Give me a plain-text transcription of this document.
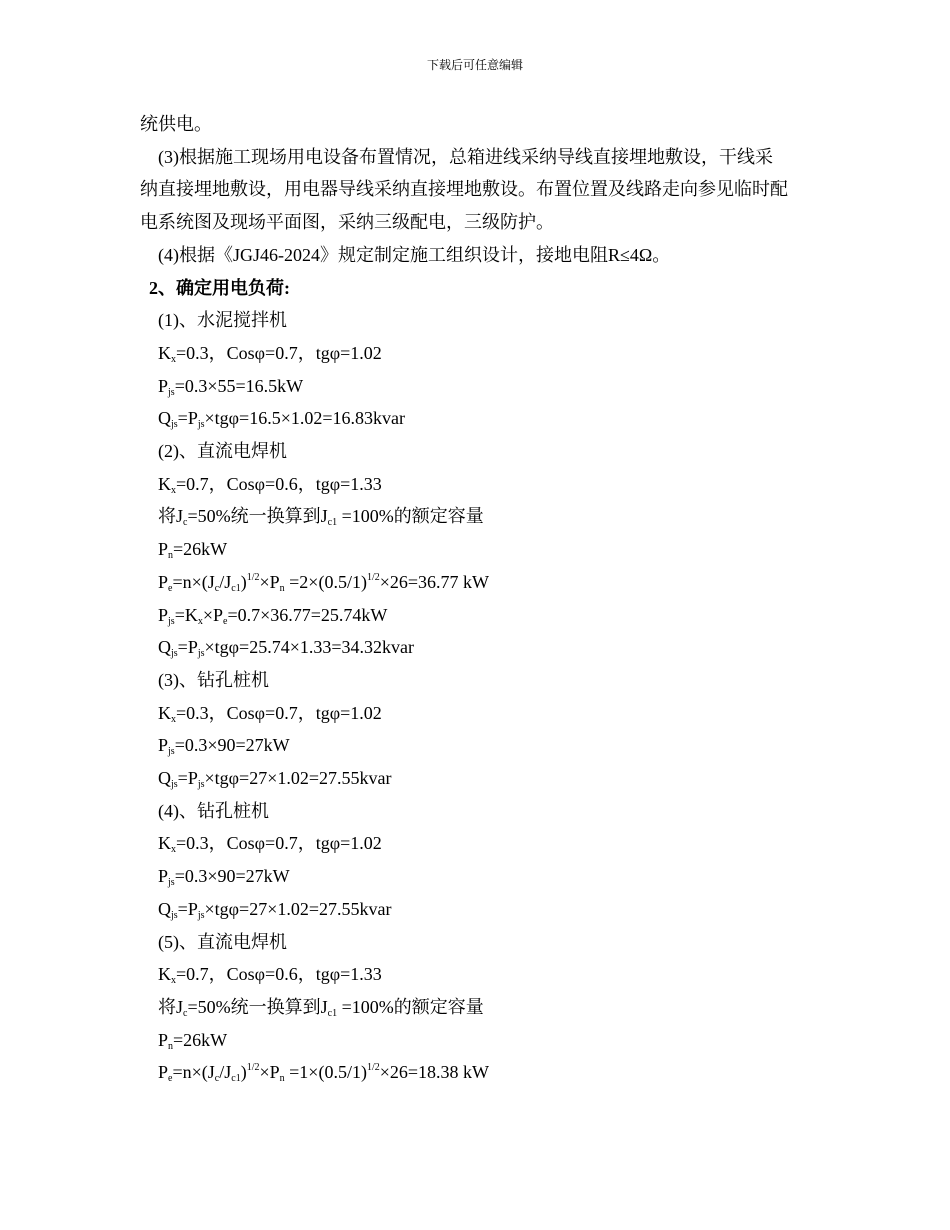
下载后可任意编辑
统供电。
(3)根据施工现场用电设备布置情况，总箱进线采纳导线直接埋地敷设，干线采
纳直接埋地敷设，用电器导线采纳直接埋地敷设。布置位置及线路走向参见临时配
电系统图及现场平面图，采纳三级配电，三级防护。
(4)根据《JGJ46-2024》规定制定施工组织设计，接地电阻R≤4Ω。
2、确定用电负荷:
(1)、水泥搅拌机
$K_x=0.3$，Cosφ=0.7，tgφ=1.02
$P_{js}=0.3\times 55=16.5kW$
$Q_{js}=P_{js}\times tg\varphi=16.5\times 1.02=16.83kvar$
(2)、直流电焊机
$K_x=0.7$，Cosφ=0.6，tgφ=1.33
将$J_c=50\%$统一换算到$J_{c1} =100\%$的额定容量
$P_n=26kW$
$P_e=n\times(J_c/J_{c1})^{1/2}\times P_n =2\times(0.5/1)^{1/2}\times 26=36.77$ kW
$P_{js}=K_x\times P_e=0.7\times 36.77=25.74kW$
$Q_{js}=P_{js}\times tg\varphi=25.74\times 1.33=34.32kvar$
(3)、钻孔桩机
$K_x=0.3$，Cosφ=0.7，tgφ=1.02
$P_{js}=0.3\times 90=27kW$
$Q_{js}=P_{js}\times tg\varphi=27\times 1.02=27.55kvar$
(4)、钻孔桩机
$K_x=0.3$，Cosφ=0.7，tgφ=1.02
$P_{js}=0.3\times 90=27kW$
$Q_{js}=P_{js}\times tg\varphi=27\times 1.02=27.55kvar$
(5)、直流电焊机
$K_x=0.7$，Cosφ=0.6，tgφ=1.33
将$J_c=50\%$统一换算到$J_{c1} =100\%$的额定容量
$P_n=26kW$
$P_e=n\times(J_c/J_{c1})^{1/2}\times P_n =1\times(0.5/1)^{1/2}\times 26=18.38$ kW
